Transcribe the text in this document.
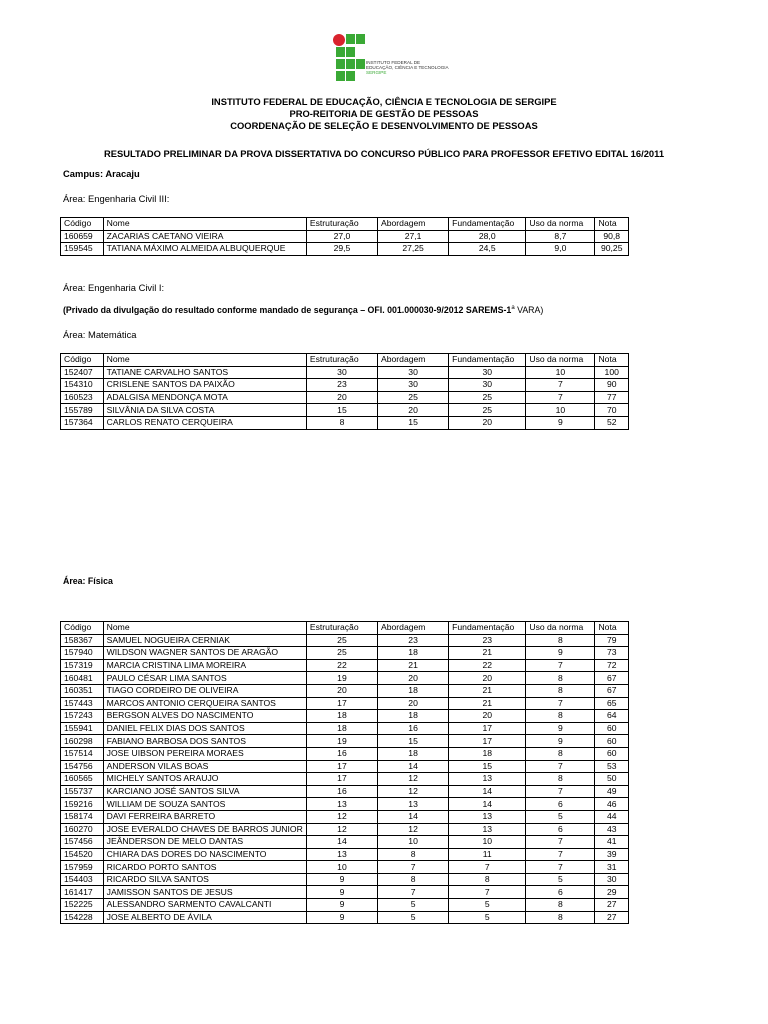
INSTITUTO FEDERAL DE
EDUCAÇÃO, CIÊNCIA E TECNOLOGIA
SERGIPE
INSTITUTO FEDERAL DE EDUCAÇÃO, CIÊNCIA E TECNOLOGIA DE SERGIPE
PRO-REITORIA DE GESTÃO DE PESSOAS
COORDENAÇÃO DE SELEÇÃO E DESENVOLVIMENTO DE PESSOAS
RESULTADO PRELIMINAR DA PROVA DISSERTATIVA DO CONCURSO PÚBLICO PARA PROFESSOR EFETIVO EDITAL 16/2011
Campus: Aracaju
Área: Engenharia Civil III:
Código	Nome	Estruturação	Abordagem	Fundamentação	Uso da norma	Nota
160659	ZACARIAS CAETANO VIEIRA	27,0	27,1	28,0	8,7	90,8
159545	TATIANA MÁXIMO ALMEIDA ALBUQUERQUE	29,5	27,25	24,5	9,0	90,25
Área: Engenharia Civil I:
(Privado da divulgação do resultado conforme mandado de segurança – OFI. 001.000030-9/2012 SAREMS-1$^a$ VARA)
Área: Matemática
Código	Nome	Estruturação	Abordagem	Fundamentação	Uso da norma	Nota
152407	TATIANE CARVALHO SANTOS	30	30	30	10	100
154310	CRISLENE SANTOS DA PAIXÃO	23	30	30	7	90
160523	ADALGISA MENDONÇA MOTA	20	25	25	7	77
155789	SILVÂNIA DA SILVA COSTA	15	20	25	10	70
157364	CARLOS RENATO CERQUEIRA	8	15	20	9	52
Área: Física
Código	Nome	Estruturação	Abordagem	Fundamentação	Uso da norma	Nota
158367	SAMUEL NOGUEIRA CERNIAK	25	23	23	8	79
157940	WILDSON WAGNER SANTOS DE ARAGÃO	25	18	21	9	73
157319	MARCIA CRISTINA LIMA MOREIRA	22	21	22	7	72
160481	PAULO CÉSAR LIMA SANTOS	19	20	20	8	67
160351	TIAGO CORDEIRO DE OLIVEIRA	20	18	21	8	67
157443	MARCOS ANTONIO CERQUEIRA SANTOS	17	20	21	7	65
157243	BERGSON ALVES DO NASCIMENTO	18	18	20	8	64
155941	DANIEL FELIX DIAS DOS SANTOS	18	16	17	9	60
160298	FABIANO BARBOSA DOS SANTOS	19	15	17	9	60
157514	JOSE UIBSON PEREIRA MORAES	16	18	18	8	60
154756	ANDERSON VILAS BOAS	17	14	15	7	53
160565	MICHELY SANTOS ARAUJO	17	12	13	8	50
155737	KARCIANO JOSÉ SANTOS SILVA	16	12	14	7	49
159216	WILLIAM DE SOUZA SANTOS	13	13	14	6	46
158174	DAVI FERREIRA BARRETO	12	14	13	5	44
160270	JOSE EVERALDO CHAVES DE BARROS JUNIOR	12	12	13	6	43
157456	JEÂNDERSON DE MELO DANTAS	14	10	10	7	41
154520	CHIARA DAS DORES DO NASCIMENTO	13	8	11	7	39
157959	RICARDO PORTO SANTOS	10	7	7	7	31
154403	RICARDO SILVA SANTOS	9	8	8	5	30
161417	JAMISSON SANTOS DE JESUS	9	7	7	6	29
152225	ALESSANDRO SARMENTO CAVALCANTI	9	5	5	8	27
154228	JOSE ALBERTO DE ÁVILA	9	5	5	8	27
